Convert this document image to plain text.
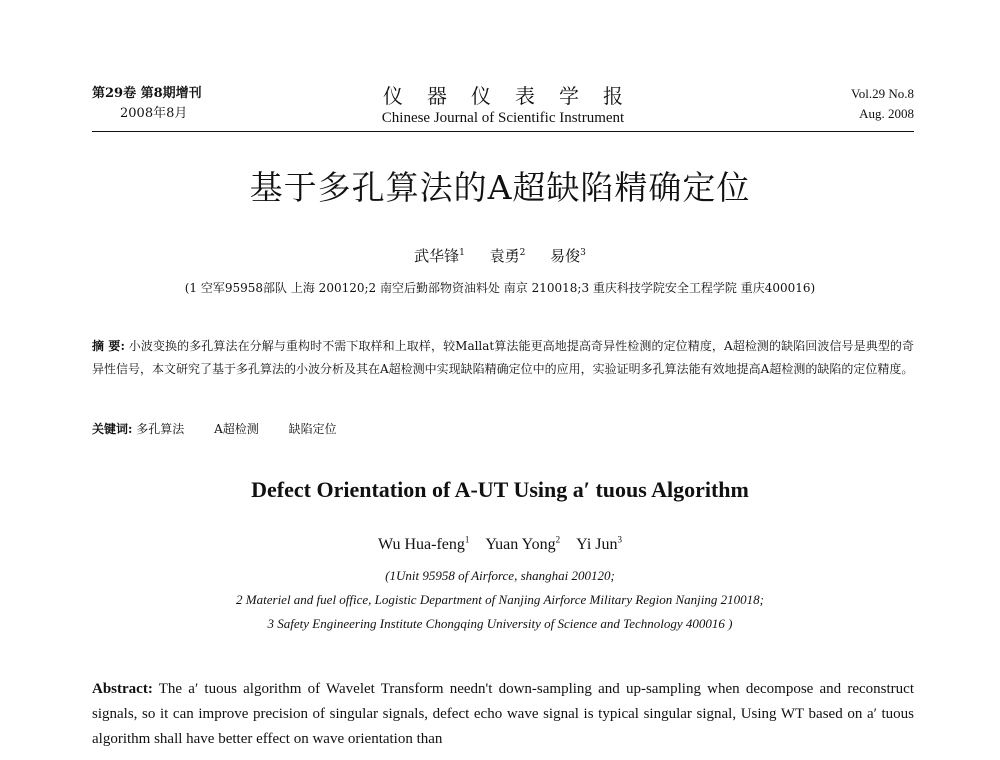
第29卷 第8期增刊
2008年8月
仪器仪表学报
Chinese Journal of Scientific Instrument
Vol.29 No.8
Aug. 2008
基于多孔算法的A超缺陷精确定位
武华锋$^1$ 袁勇$^2$ 易俊$^3$
(1 空军95958部队 上海 200120;2 南空后勤部物资油料处 南京 210018;3 重庆科技学院安全工程学院 重庆400016)
摘 要: 小波变换的多孔算法在分解与重构时不需下取样和上取样，较Mallat算法能更高地提高奇异性检测的定位精度，A超检测的缺陷回波信号是典型的奇异性信号，本文研究了基于多孔算法的小波分析及其在A超检测中实现缺陷精确定位中的应用，实验证明多孔算法能有效地提高A超检测的缺陷的定位精度。
关键词: 多孔算法 A超检测 缺陷定位
Defect Orientation of A-UT Using a′ tuous Algorithm
Wu Hua-feng$^1$ Yuan Yong$^2$ Yi Jun$^3$
(1Unit 95958 of Airforce, shanghai 200120;
2 Materiel and fuel office, Logistic Department of Nanjing Airforce Military Region Nanjing 210018;
3 Safety Engineering Institute Chongqing University of Science and Technology 400016 )
Abstract: The a′ tuous algorithm of Wavelet Transform needn't down-sampling and up-sampling when decompose and reconstruct signals, so it can improve precision of singular signals, defect echo wave signal is typical singular signal, Using WT based on a′ tuous algorithm shall have better effect on wave orientation than
